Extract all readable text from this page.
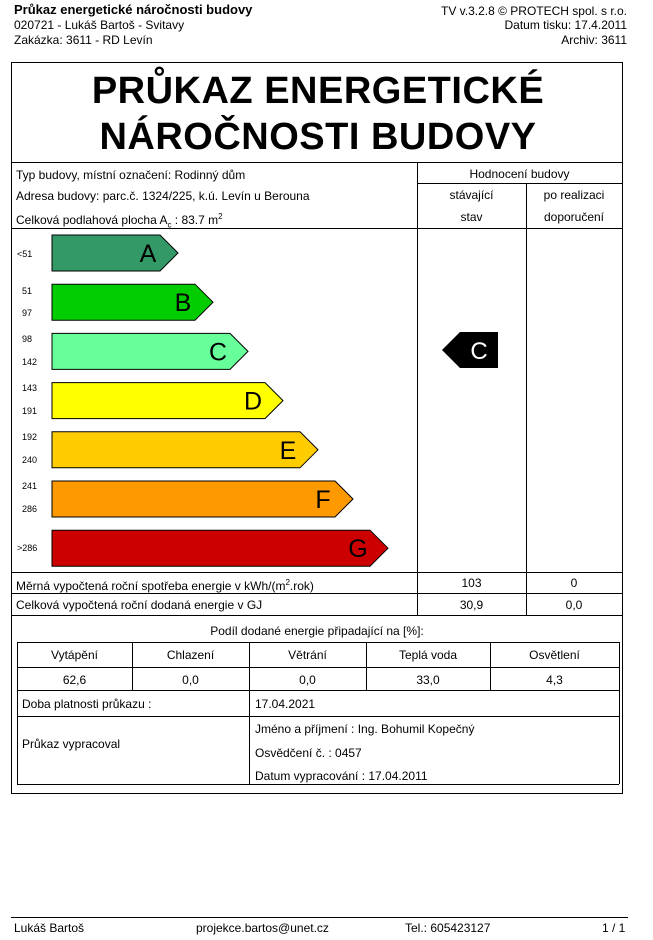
Průkaz energetické náročnosti budovy
020721 - Lukáš Bartoš - Svitavy
Zakázka: 3611 - RD Levín
TV v.3.2.8 © PROTECH spol. s r.o.
Datum tisku: 17.4.2011
Archiv: 3611
PRŮKAZ ENERGETICKÉ
NÁROČNOSTI BUDOVY
Typ budovy, místní označení: Rodinný dům
Adresa budovy: parc.č. 1324/225, k.ú. Levín u Berouna
Celková podlahová plocha $A_c$ : 83.7 $m^2$
Hodnocení budovy
stávající
stav
po realizaci
doporučení
<51
51
97
98
142
143
191
192
240
241
286
>286
A
B
C
D
E
F
G
C
Měrná vypočtená roční spotřeba energie v kWh/$(m^2.rok)$	103	0
Celková vypočtená roční dodaná energie v GJ	30,9	0,0
Podíl dodané energie připadající na [%]:
Vytápění	Chlazení	Větrání	Teplá voda	Osvětlení
62,6	0,0	0,0	33,0	4,3
Doba platnosti průkazu :	17.04.2021
Průkaz vypracoval
Jméno a příjmení : Ing. Bohumil Kopečný
Osvědčení č. : 0457
Datum vypracování : 17.04.2011
Lukáš Bartoš	projekce.bartos@unet.cz	Tel.: 605423127	1 / 1
